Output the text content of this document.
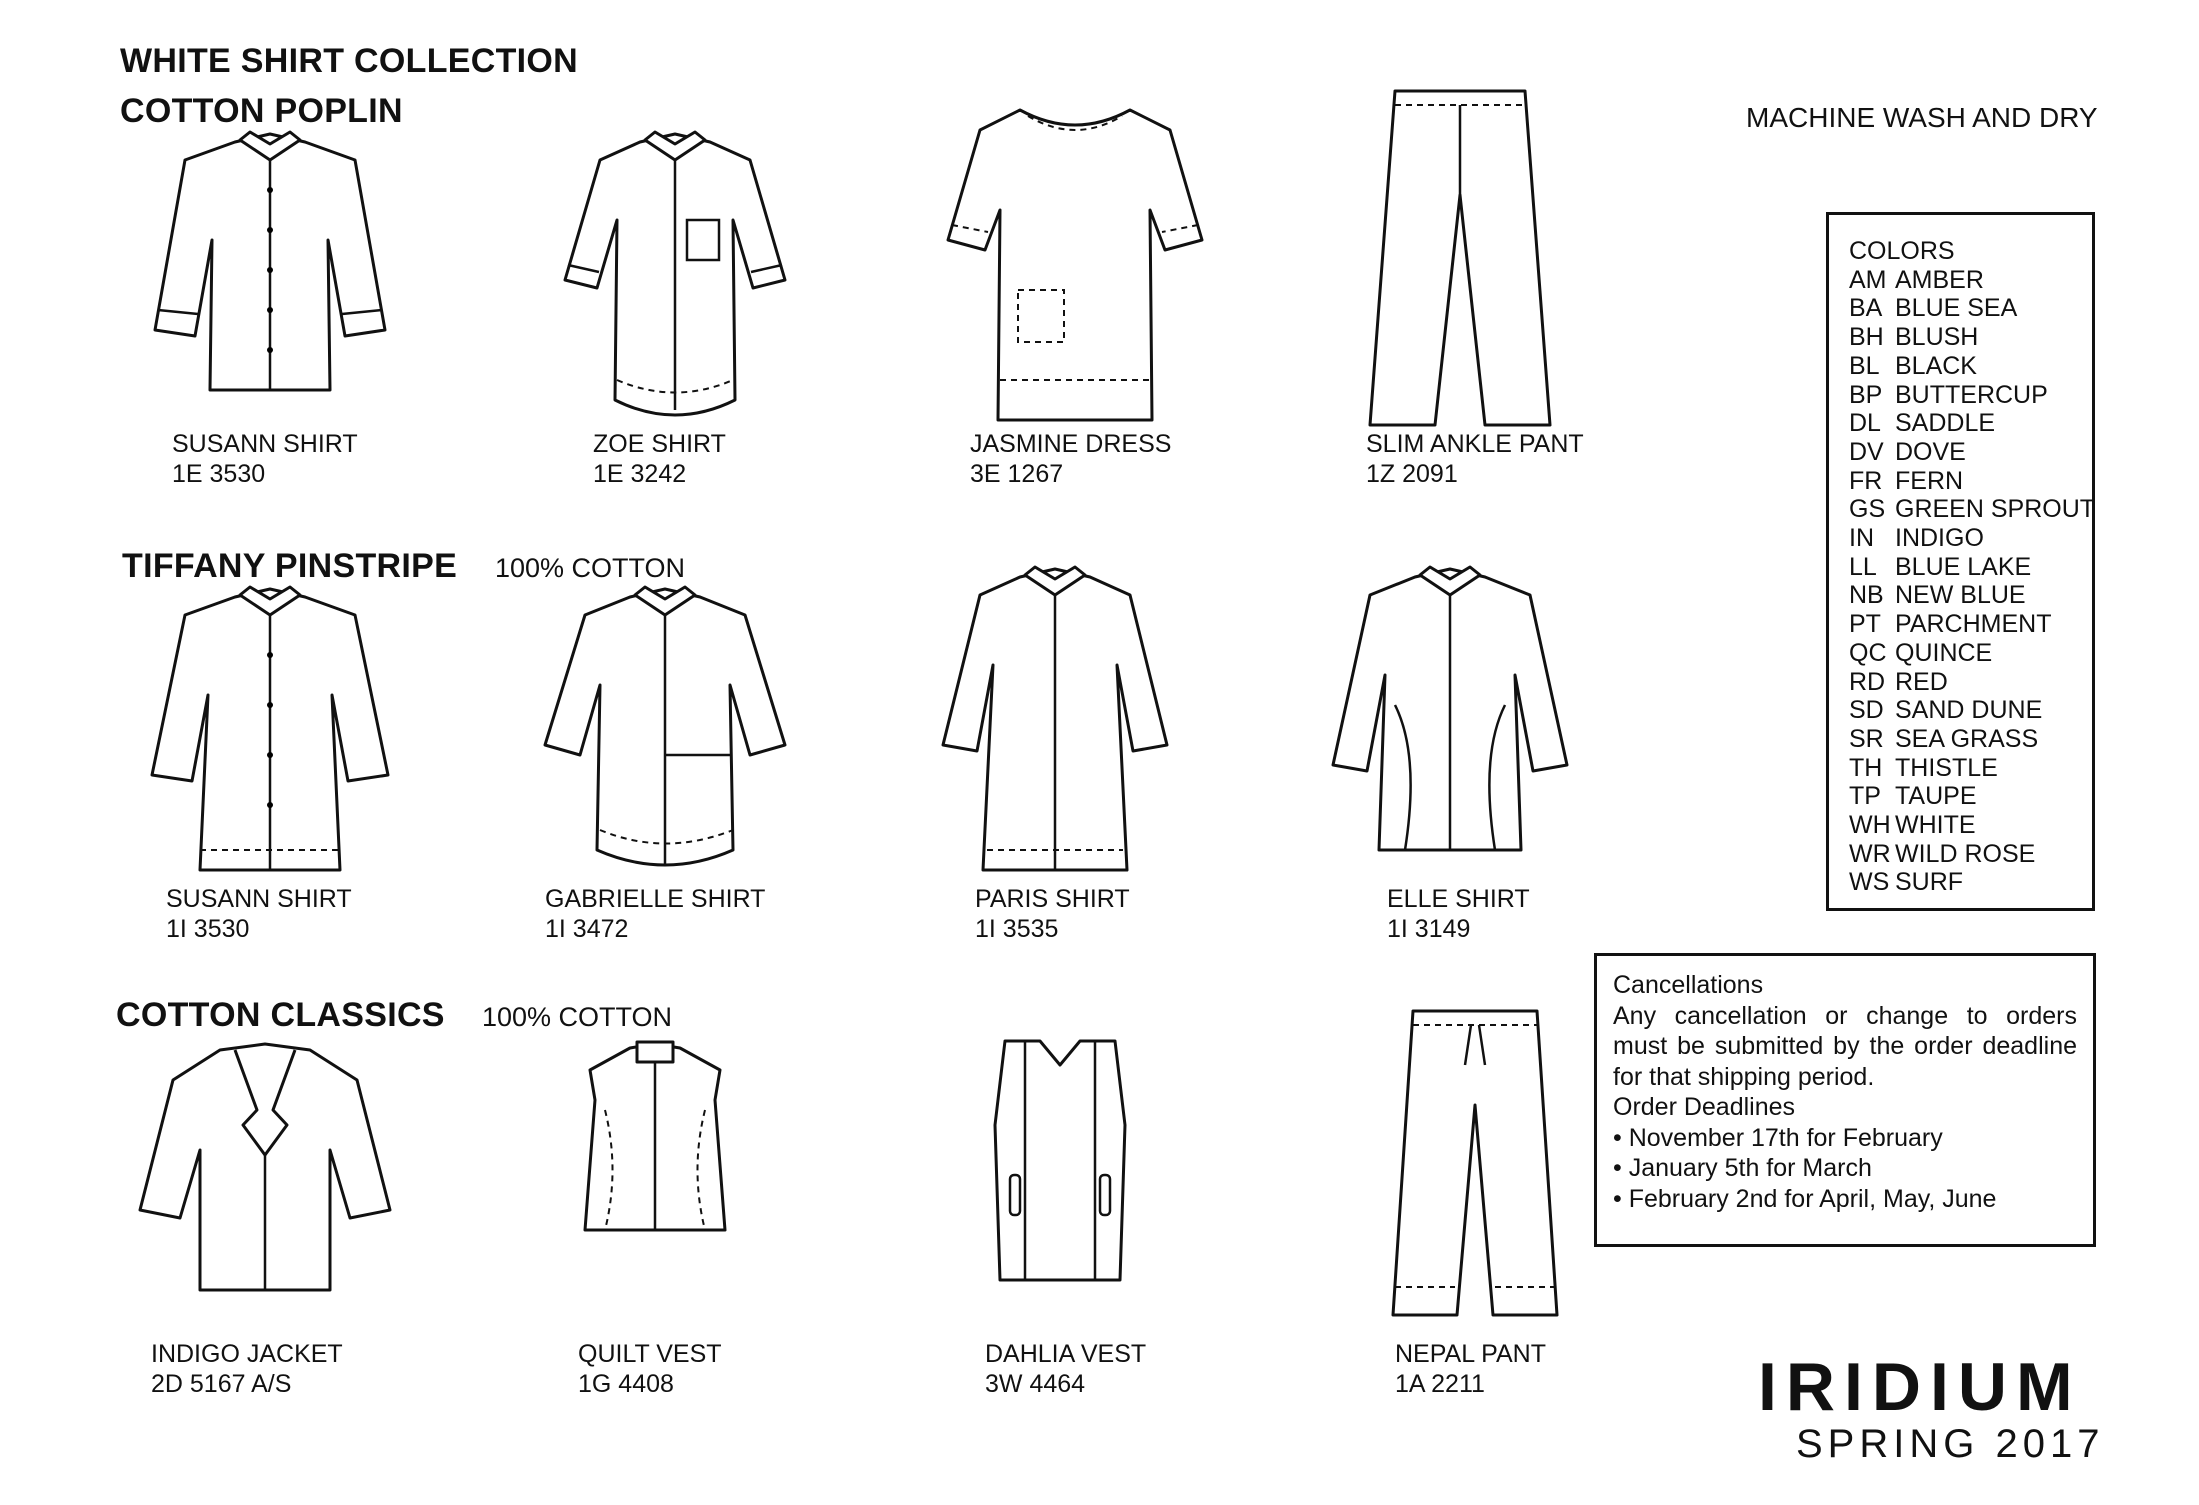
WHITE SHIRT COLLECTION
COTTON POPLIN	MACHINE WASH AND DRY
TIFFANY PINSTRIPE 100% COTTON
COTTON CLASSICS 100% COTTON
SUSANN SHIRT
1E 3530
ZOE SHIRT
1E 3242
JASMINE DRESS
3E 1267
SLIM ANKLE PANT
1Z 2091
SUSANN SHIRT
1I 3530
GABRIELLE SHIRT
1I 3472
PARIS SHIRT
1I 3535
ELLE SHIRT
1I 3149
INDIGO JACKET
2D 5167 A/S
QUILT VEST
1G 4408
DAHLIA VEST
3W 4464
NEPAL PANT
1A 2211
COLORS
AM AMBER
BA BLUE SEA
BH BLUSH
BL BLACK
BP BUTTERCUP
DL SADDLE
DV DOVE
FR FERN
GS GREEN SPROUT
IN INDIGO
LL BLUE LAKE
NB NEW BLUE
PT PARCHMENT
QC QUINCE
RD RED
SD SAND DUNE
SR SEA GRASS
TH THISTLE
TP TAUPE
WH WHITE
WR WILD ROSE
WS SURF

Cancellations

Any cancellation or change to orders must be submitted by the order deadline for that shipping period.

Order Deadlines

• November 17th for February
• January 5th for March
• February 2nd for April, May, June
IRIDIUM
SPRING 2017
